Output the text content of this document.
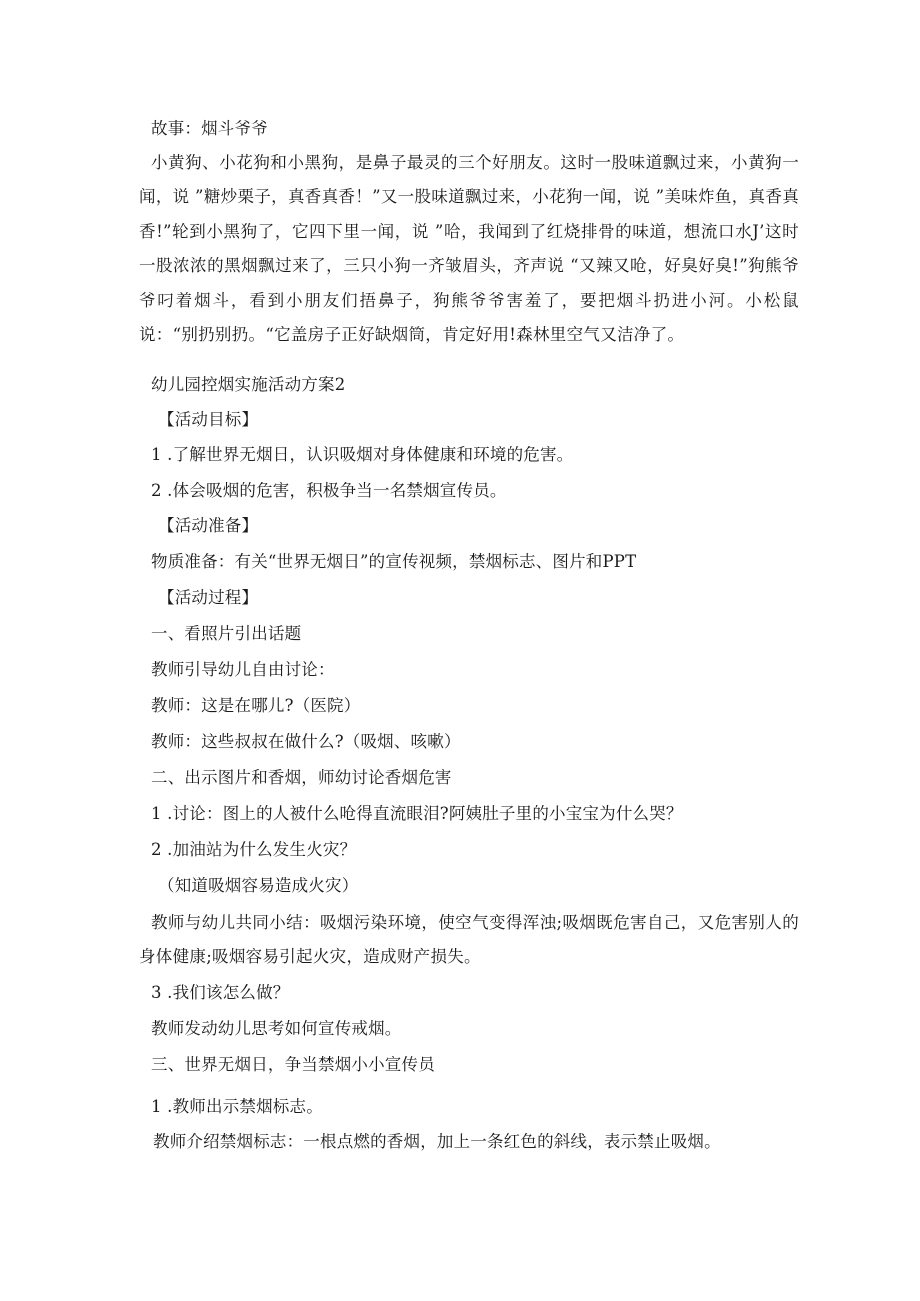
故事：烟斗爷爷
小黄狗、小花狗和小黑狗，是鼻子最灵的三个好朋友。这时一股味道飘过来，小黄狗一闻，说 ”糖炒栗子，真香真香！”又一股味道飘过来，小花狗一闻，说 ”美味炸鱼，真香真香!”轮到小黑狗了，它四下里一闻，说 ”哈，我闻到了红烧排骨的味道，想流口水J’这时一股浓浓的黑烟飘过来了，三只小狗一齐皱眉头，齐声说 “又辣又呛，好臭好臭!”狗熊爷爷叼着烟斗，看到小朋友们捂鼻子，狗熊爷爷害羞了，要把烟斗扔进小河。小松鼠说：“别扔别扔。“它盖房子正好缺烟筒，肯定好用!森林里空气又洁净了。
幼儿园控烟实施活动方案2
【活动目标】
1 .了解世界无烟日，认识吸烟对身体健康和环境的危害。
2 .体会吸烟的危害，积极争当一名禁烟宣传员。
【活动准备】
物质准备：有关“世界无烟日”的宣传视频，禁烟标志、图片和PPT
【活动过程】
一、看照片引出话题
教师引导幼儿自由讨论：
教师：这是在哪儿?（医院）
教师：这些叔叔在做什么?（吸烟、咳嗽）
二、出示图片和香烟，师幼讨论香烟危害
1 .讨论：图上的人被什么呛得直流眼泪?阿姨肚子里的小宝宝为什么哭？
2 .加油站为什么发生火灾？
（知道吸烟容易造成火灾）
教师与幼儿共同小结：吸烟污染环境，使空气变得浑浊;吸烟既危害自己，又危害别人的身体健康;吸烟容易引起火灾，造成财产损失。
3 .我们该怎么做？
教师发动幼儿思考如何宣传戒烟。
三、世界无烟日，争当禁烟小小宣传员
1 .教师出示禁烟标志。
教师介绍禁烟标志：一根点燃的香烟，加上一条红色的斜线，表示禁止吸烟。
